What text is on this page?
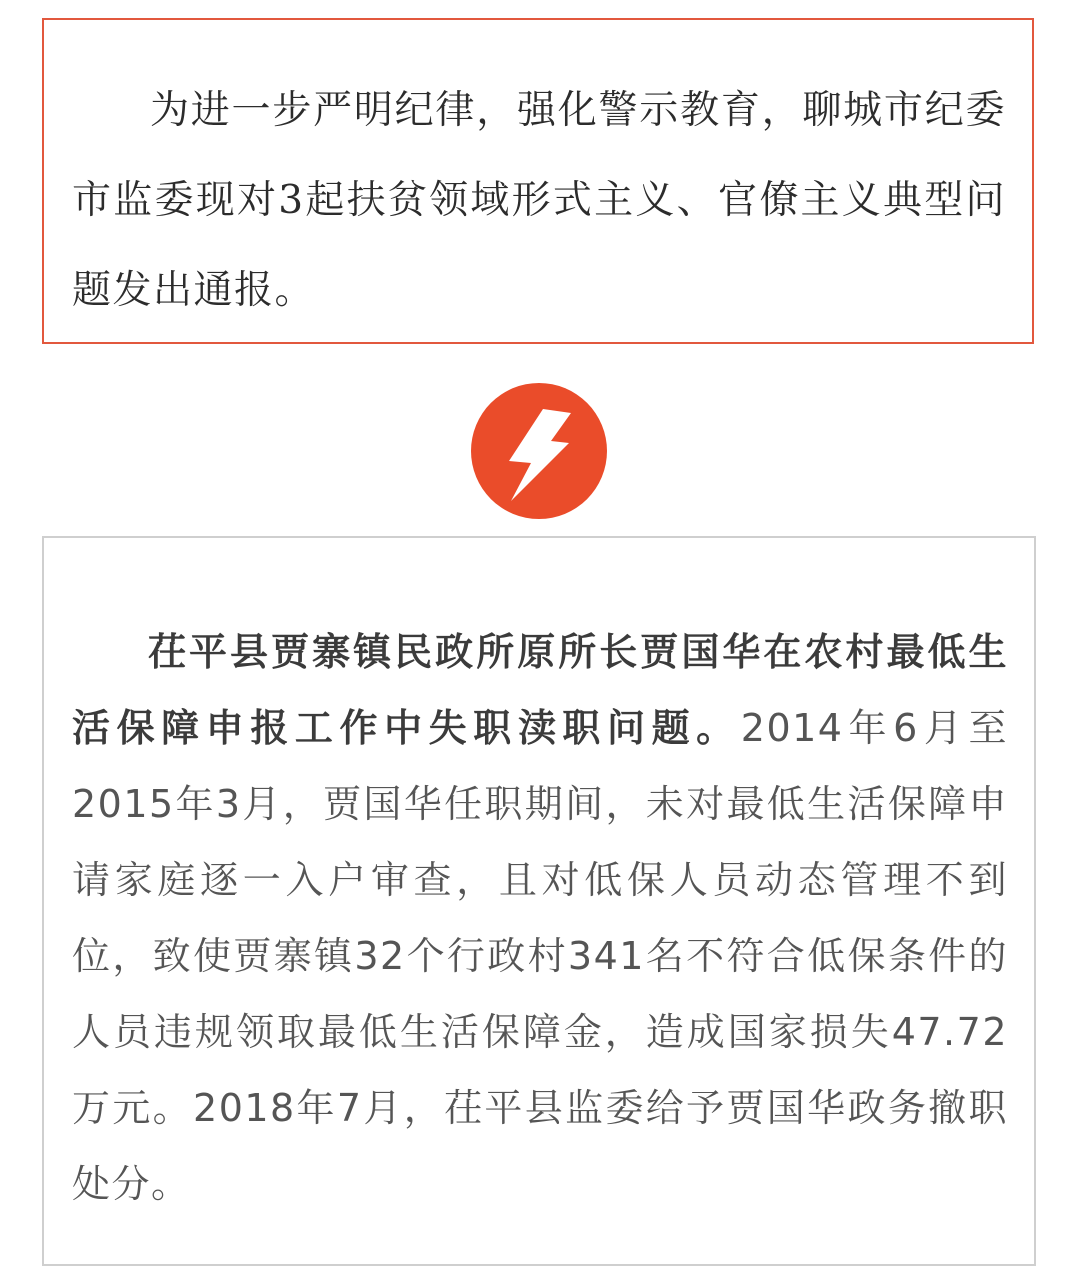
为进一步严明纪律，强化警示教育，聊城市纪委市监委现对3起扶贫领域形式主义、官僚主义典型问题发出通报。

茌平县贾寨镇民政所原所长贾国华在农村最低生活保障申报工作中失职渎职问题。2014年6月至2015年3月，贾国华任职期间，未对最低生活保障申请家庭逐一入户审查，且对低保人员动态管理不到位，致使贾寨镇32个行政村341名不符合低保条件的人员违规领取最低生活保障金，造成国家损失47.72万元。2018年7月，茌平县监委给予贾国华政务撤职处分。
